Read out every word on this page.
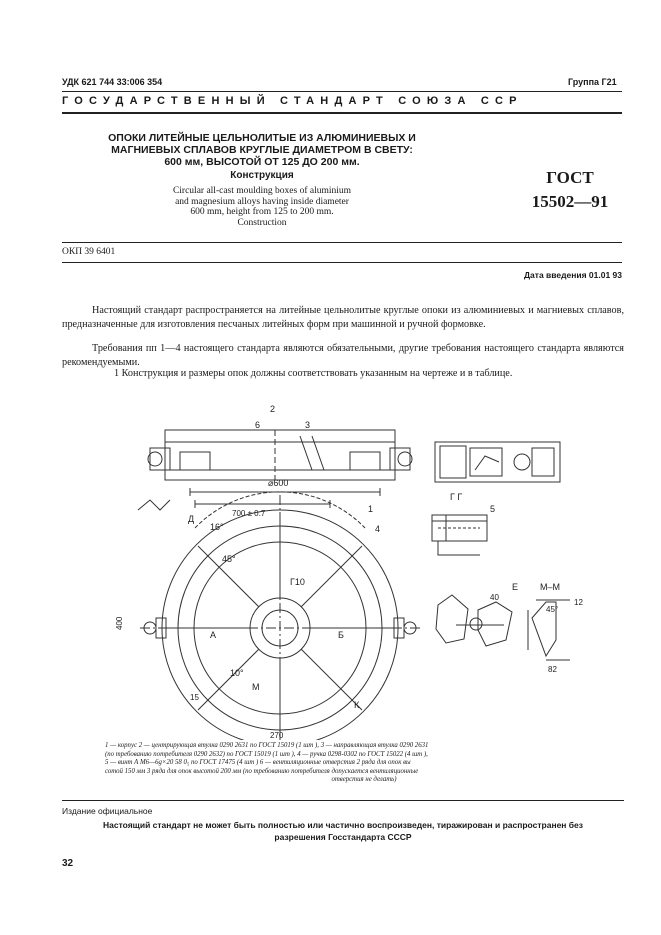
УДК 621 744 33:006 354	Группа Г21
ГОСУДАРСТВЕННЫЙ СТАНДАРТ СОЮЗА ССР
ОПОКИ ЛИТЕЙНЫЕ ЦЕЛЬНОЛИТЫЕ ИЗ АЛЮМИНИЕВЫХ И
МАГНИЕВЫХ СПЛАВОВ КРУГЛЫЕ ДИАМЕТРОМ В СВЕТУ:
600 мм, ВЫСОТОЙ ОТ 125 ДО 200 мм.
Конструкция
Circular all-cast moulding boxes of aluminium
and magnesium alloys having inside diameter
600 mm, height from 125 to 200 mm.
Construction
ГОСТ
15502—91
ОКП 39 6401
Дата введения 01.01 93
Настоящий стандарт распространяется на литейные цельнолитые круглые опоки из алюминиевых и магниевых сплавов, предназначенные для изготовления песчаных литейных форм при машинной и ручной формовке.
Требования пп 1—4 настоящего стандарта являются обязательными, другие требования настоящего стандарта являются рекомендуемыми.
1 Конструкция и размеры опок должны соответствовать указанным на чертеже и в таблице.
⌀600
700 ± 0.7
400
16°
45°
10°
Г10
А	Б
Д
М
К
Е
Г Г
М–М
1
2
3
4
5
6
40
45°
12
82
15
270
1 — корпус 2 — центрирующая втулка 0290 2631 по ГОСТ 15019 (1 шт ), 3 — направляющая втулка 0290 2631
(по требованию потребителя 0290 2632) по ГОСТ 15019 (1 шт ), 4 — ручка 0298-0302 по ГОСТ 15022 (4 шт ),
5 — винт А М6—6g×20 58 0₅ по ГОСТ 17475 (4 шт ) 6 — вентиляционные отверстия 2 ряда для опок вы
сотой 150 мм 3 ряда для опок высотой 200 мм (по требованию потребителя допускается вентиляционные
отверстия не делать)
Издание официальное
Настоящий стандарт не может быть полностью или частично воспроизведен, тиражирован и распространен без
разрешения Госстандарта СССР
32
